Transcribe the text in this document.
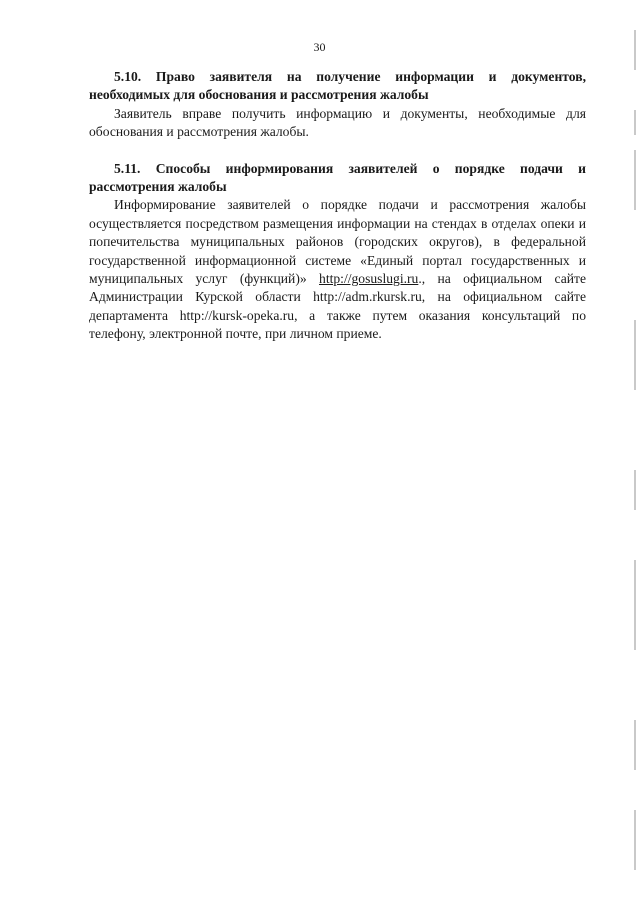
30

5.10. Право заявителя на получение информации и документов, необходимых для обоснования и рассмотрения жалобы

Заявитель вправе получить информацию и документы, необходимые для обоснования и рассмотрения жалобы.

5.11. Способы информирования заявителей о порядке подачи и рассмотрения жалобы

Информирование заявителей о порядке подачи и рассмотрения жалобы осуществляется посредством размещения информации на стендах в отделах опеки и попечительства муниципальных районов (городских округов), в федеральной государственной информационной системе «Единый портал государственных и муниципальных услуг (функций)» http://gosuslugi.ru., на официальном сайте Администрации Курской области http://adm.rkursk.ru, на официальном сайте департамента http://kursk-opeka.ru, а также путем оказания консультаций по телефону, электронной почте, при личном приеме.
